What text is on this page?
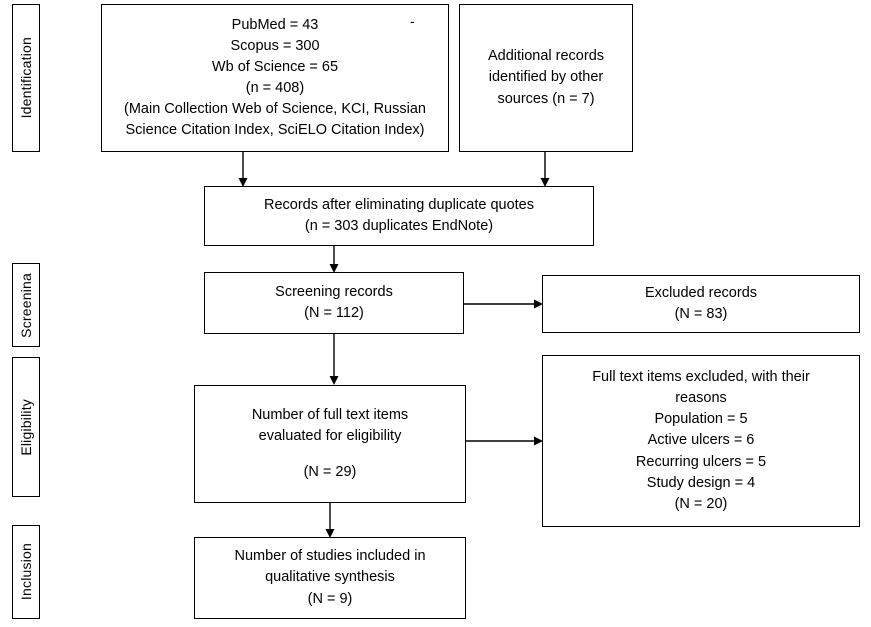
Identification
Screenina
Eligibility
Inclusion
PubMed = 43
Scopus = 300
Wb of Science = 65
(n = 408)
(Main Collection Web of Science, KCI, Russian
Science Citation Index, SciELO Citation Index)
-
Additional records
identified by other
sources (n = 7)
Records after eliminating duplicate quotes
(n = 303 duplicates EndNote)
Screening records
(N = 112)
Excluded records
(N = 83)
Number of full text items
evaluated for eligibility
(N = 29)
Full text items excluded, with their
reasons
Population = 5
Active ulcers = 6
Recurring ulcers = 5
Study design = 4
(N = 20)
Number of studies included in
qualitative synthesis
(N = 9)
